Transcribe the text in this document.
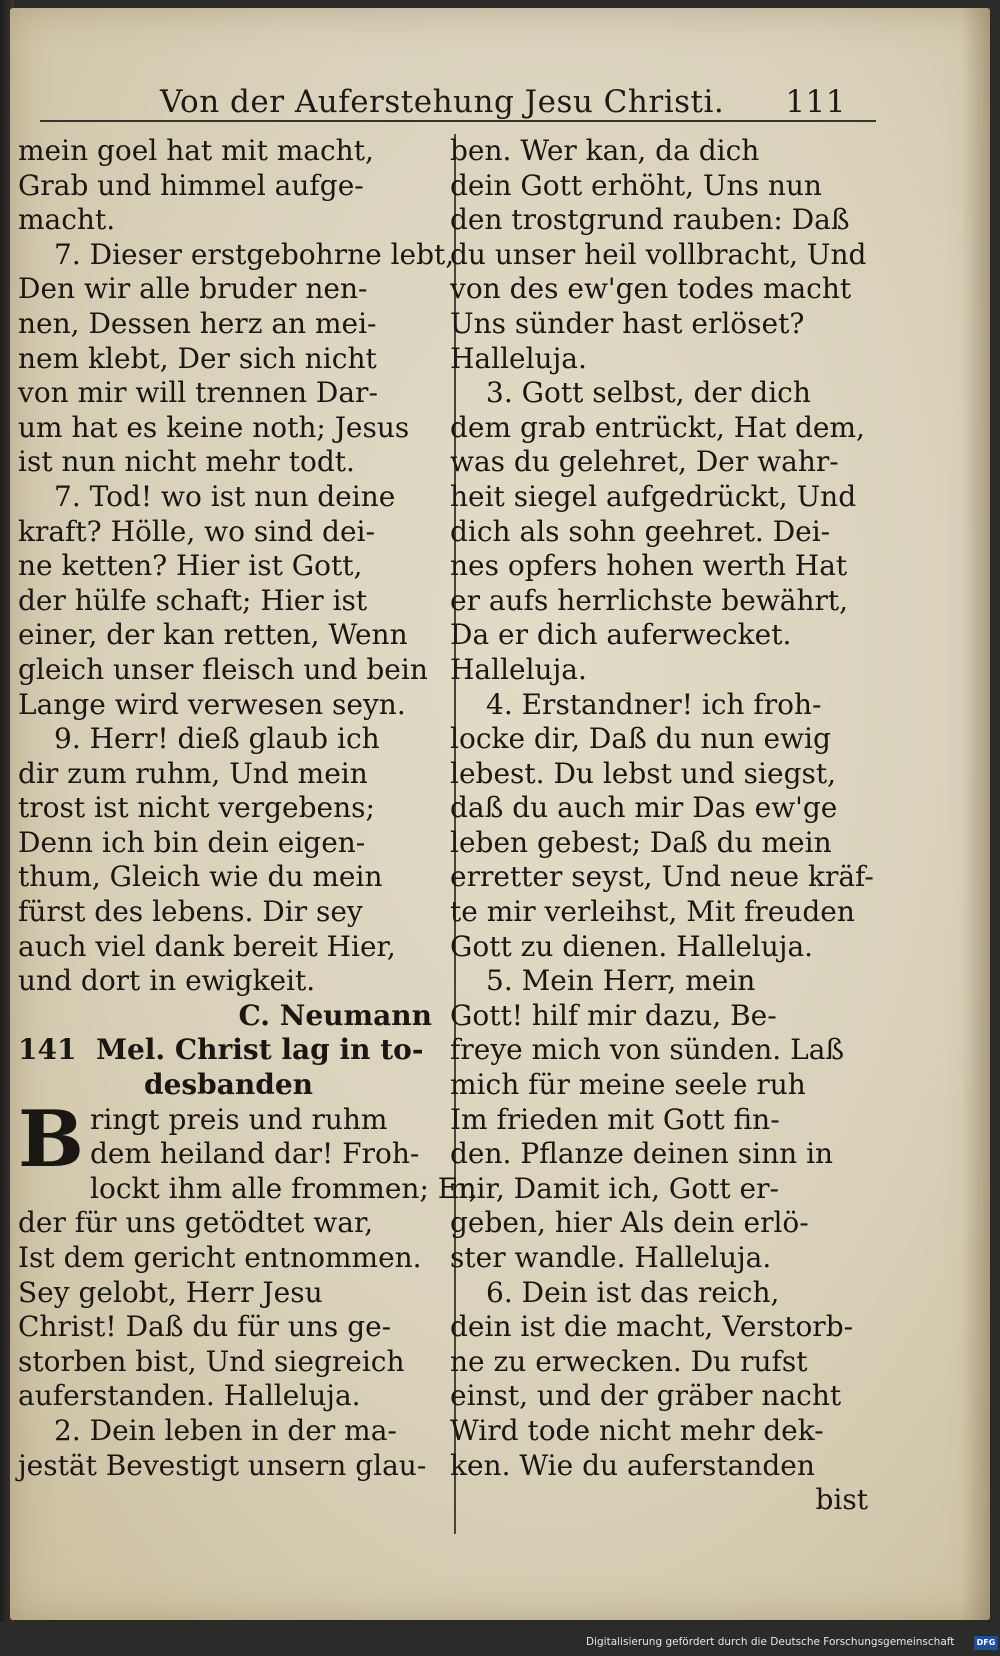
Von der Auferstehung Jesu Christi. 111
mein goel hat mit macht,
Grab und himmel aufge-
macht.
7. Dieser erstgebohrne lebt,
Den wir alle bruder nen-
nen, Dessen herz an mei-
nem klebt, Der sich nicht
von mir will trennen Dar-
um hat es keine noth; Jesus
ist nun nicht mehr todt.
7. Tod! wo ist nun deine
kraft? Hölle, wo sind dei-
ne ketten? Hier ist Gott,
der hülfe schaft; Hier ist
einer, der kan retten, Wenn
gleich unser fleisch und bein
Lange wird verwesen seyn.
9. Herr! dieß glaub ich
dir zum ruhm, Und mein
trost ist nicht vergebens;
Denn ich bin dein eigen-
thum, Gleich wie du mein
fürst des lebens. Dir sey
auch viel dank bereit Hier,
und dort in ewigkeit.
C. Neumann
141 Mel. Christ lag in to-
desbanden
B ringt preis und ruhm
dem heiland dar! Froh-
lockt ihm alle frommen; Er,
der für uns getödtet war,
Ist dem gericht entnommen.
Sey gelobt, Herr Jesu
Christ! Daß du für uns ge-
storben bist, Und siegreich
auferstanden. Halleluja.
2. Dein leben in der ma-
jestät Bevestigt unsern glau-
ben. Wer kan, da dich
dein Gott erhöht, Uns nun
den trostgrund rauben: Daß
du unser heil vollbracht, Und
von des ew'gen todes macht
Uns sünder hast erlöset?
Halleluja.
3. Gott selbst, der dich
dem grab entrückt, Hat dem,
was du gelehret, Der wahr-
heit siegel aufgedrückt, Und
dich als sohn geehret. Dei-
nes opfers hohen werth Hat
er aufs herrlichste bewährt,
Da er dich auferwecket.
Halleluja.
4. Erstandner! ich froh-
locke dir, Daß du nun ewig
lebest. Du lebst und siegst,
daß du auch mir Das ew'ge
leben gebest; Daß du mein
erretter seyst, Und neue kräf-
te mir verleihst, Mit freuden
Gott zu dienen. Halleluja.
5. Mein Herr, mein
Gott! hilf mir dazu, Be-
freye mich von sünden. Laß
mich für meine seele ruh
Im frieden mit Gott fin-
den. Pflanze deinen sinn in
mir, Damit ich, Gott er-
geben, hier Als dein erlö-
ster wandle. Halleluja.
6. Dein ist das reich,
dein ist die macht, Verstorb-
ne zu erwecken. Du rufst
einst, und der gräber nacht
Wird tode nicht mehr dek-
ken. Wie du auferstanden
bist
Digitalisierung gefördert durch die Deutsche Forschungsgemeinschaft	DFG
